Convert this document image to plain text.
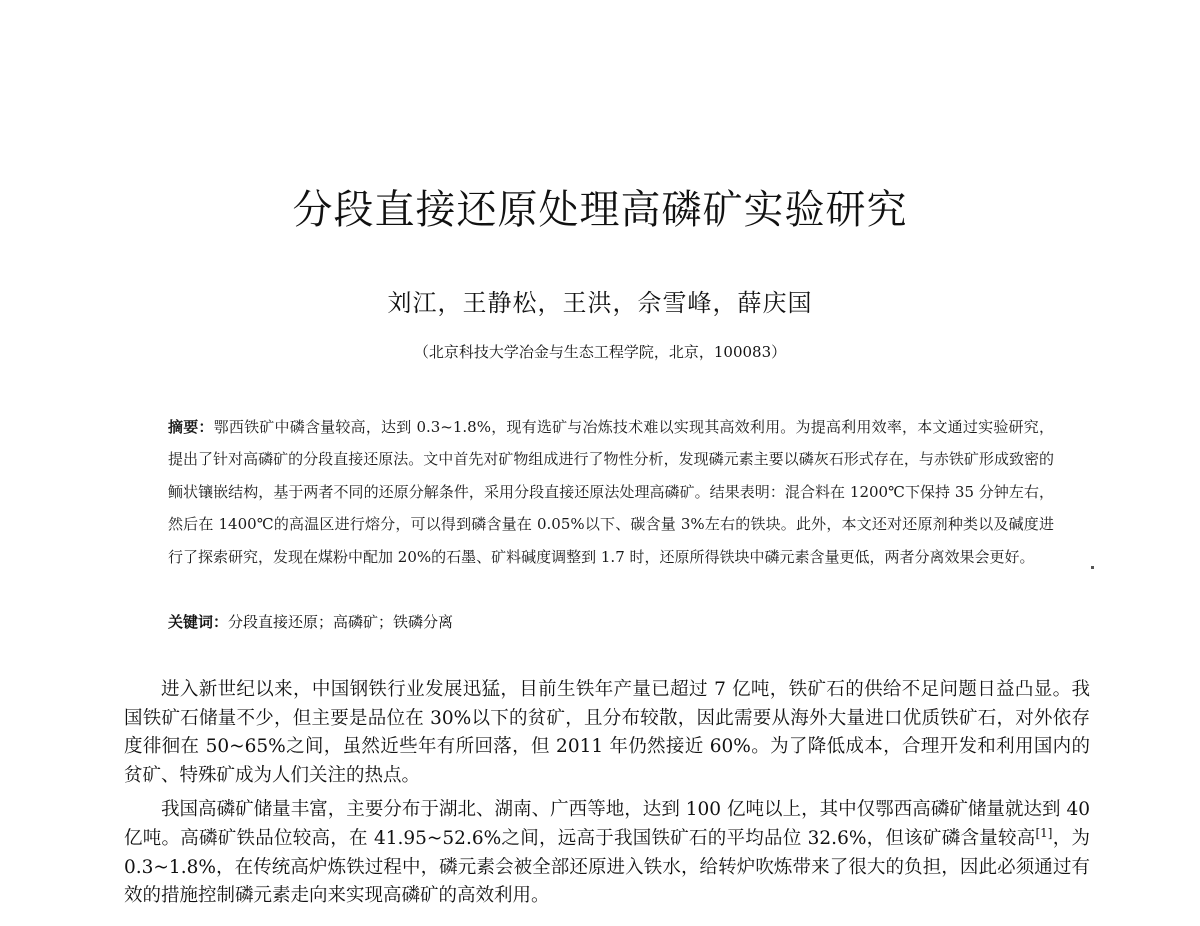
分段直接还原处理高磷矿实验研究
刘江，王静松，王洪，佘雪峰，薛庆国
（北京科技大学冶金与生态工程学院，北京，100083）
摘要：鄂西铁矿中磷含量较高，达到 0.3~1.8%，现有选矿与冶炼技术难以实现其高效利用。为提高利用效率，本文通过实验研究，提出了针对高磷矿的分段直接还原法。文中首先对矿物组成进行了物性分析，发现磷元素主要以磷灰石形式存在，与赤铁矿形成致密的鲕状镶嵌结构，基于两者不同的还原分解条件，采用分段直接还原法处理高磷矿。结果表明：混合料在 1200℃下保持 35 分钟左右，然后在 1400℃的高温区进行熔分，可以得到磷含量在 0.05%以下、碳含量 3%左右的铁块。此外，本文还对还原剂种类以及碱度进行了探索研究，发现在煤粉中配加 20%的石墨、矿料碱度调整到 1.7 时，还原所得铁块中磷元素含量更低，两者分离效果会更好。
关键词：分段直接还原；高磷矿；铁磷分离

进入新世纪以来，中国钢铁行业发展迅猛，目前生铁年产量已超过 7 亿吨，铁矿石的供给不足问题日益凸显。我国铁矿石储量不少，但主要是品位在 30%以下的贫矿，且分布较散，因此需要从海外大量进口优质铁矿石，对外依存度徘徊在 50~65%之间，虽然近些年有所回落，但 2011 年仍然接近 60%。为了降低成本，合理开发和利用国内的贫矿、特殊矿成为人们关注的热点。

我国高磷矿储量丰富，主要分布于湖北、湖南、广西等地，达到 100 亿吨以上，其中仅鄂西高磷矿储量就达到 40 亿吨。高磷矿铁品位较高，在 41.95~52.6%之间，远高于我国铁矿石的平均品位 32.6%，但该矿磷含量较高[1]，为 0.3~1.8%，在传统高炉炼铁过程中，磷元素会被全部还原进入铁水，给转炉吹炼带来了很大的负担，因此必须通过有效的措施控制磷元素走向来实现高磷矿的高效利用。
